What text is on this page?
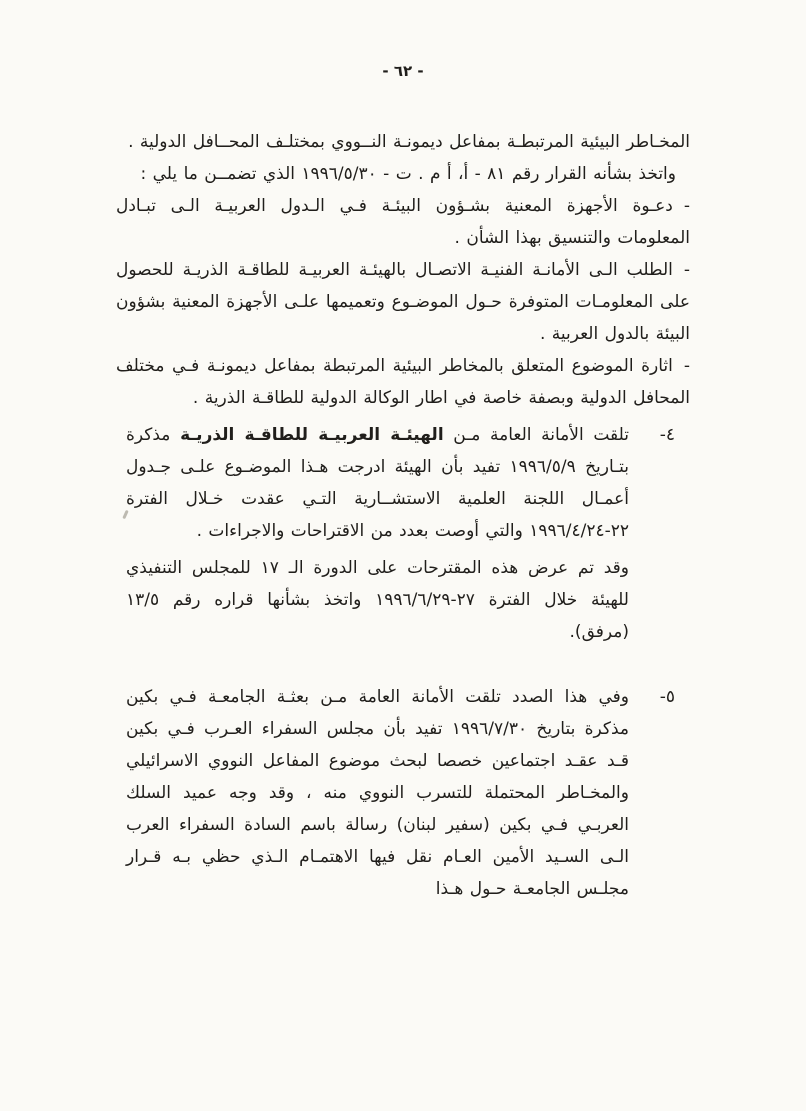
- ٦٢ -

المخـاطر البيئية المرتبطـة بمفاعل ديمونـة النــووي بمختلـف المحــافل الدولية .

واتخذ بشأنه القرار رقم ٨١ - أ، أ م . ت - ١٩٩٦/٥/٣٠ الذي تضمــن ما يلي :

-دعـوة الأجهزة المعنية بشـؤون البيئـة فـي الـدول العربيـة الـى تبـادل المعلومات والتنسيق بهذا الشأن .

-الطلب الـى الأمانـة الفنيـة الاتصـال بالهيئـة العربيـة للطاقـة الذريـة للحصول على المعلومـات المتوفرة حـول الموضـوع وتعميمها علـى الأجهزة المعنية بشؤون البيئة بالدول العربية .

-اثارة الموضوع المتعلق بالمخاطر البيئية المرتبطة بمفاعل ديمونـة فـي مختلف المحافل الدولية وبصفة خاصة في اطار الوكالة الدولية للطاقـة الذرية .

٤-

تلقت الأمانة العامة مـن الهيئـة العربيـة للطاقـة الذريـة مذكرة بتـاريخ ١٩٩٦/٥/٩ تفيد بأن الهيئة ادرجت هـذا الموضـوع علـى جـدول أعمـال اللجنة العلمية الاستشــارية التـي عقدت خـلال الفترة ٢٢-١٩٩٦/٤/٢٤ والتي أوصت بعدد من الاقتراحات والاجراءات .

وقد تم عرض هذه المقترحات على الدورة الـ ١٧ للمجلس التنفيذي للهيئة خلال الفترة ٢٧-١٩٩٦/٦/٢٩ واتخذ بشأنها قراره رقم ١٣/٥ (مرفق).

٥-

وفي هذا الصدد تلقت الأمانة العامة مـن بعثـة الجامعـة فـي بكين مذكرة بتاريخ ١٩٩٦/٧/٣٠ تفيد بأن مجلس السفراء العـرب فـي بكين قـد عقـد اجتماعين خصصا لبحث موضوع المفاعل النووي الاسرائيلي والمخـاطر المحتملة للتسرب النووي منه ، وقد وجه عميد السلك العربـي فـي بكين (سفير لبنان) رسالة باسم السادة السفراء العرب الـى السـيد الأمين العـام نقل فيها الاهتمـام الـذي حظي بـه قـرار مجلـس الجامعـة حـول هـذا
